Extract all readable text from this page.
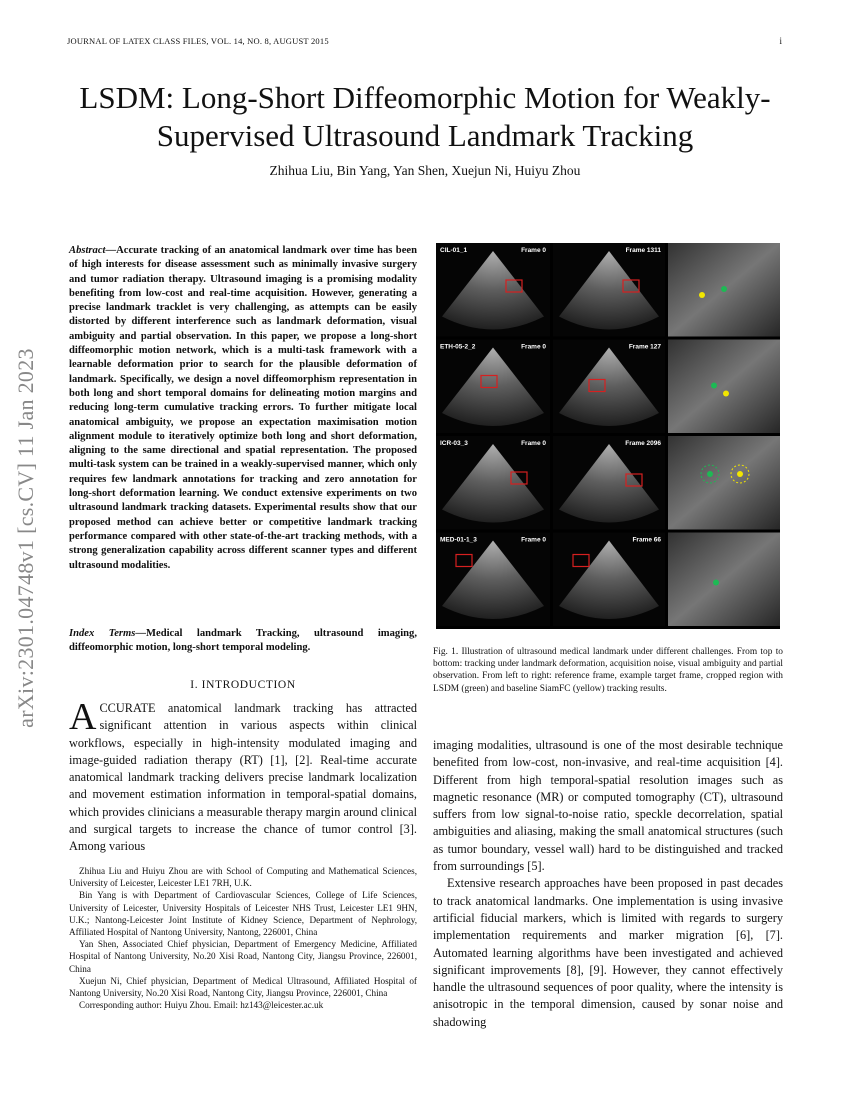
JOURNAL OF LATEX CLASS FILES, VOL. 14, NO. 8, AUGUST 2015	i
LSDM: Long-Short Diffeomorphic Motion for Weakly-Supervised Ultrasound Landmark Tracking
Zhihua Liu, Bin Yang, Yan Shen, Xuejun Ni, Huiyu Zhou
arXiv:2301.04748v1 [cs.CV] 11 Jan 2023
Abstract—Accurate tracking of an anatomical landmark over time has been of high interests for disease assessment such as minimally invasive surgery and tumor radiation therapy. Ultrasound imaging is a promising modality benefiting from low-cost and real-time acquisition. However, generating a precise landmark tracklet is very challenging, as attempts can be easily distorted by different interference such as landmark deformation, visual ambiguity and partial observation. In this paper, we propose a long-short diffeomorphic motion network, which is a multi-task framework with a learnable deformation prior to search for the plausible deformation of landmark. Specifically, we design a novel diffeomorphism representation in both long and short temporal domains for delineating motion margins and reducing long-term cumulative tracking errors. To further mitigate local anatomical ambiguity, we propose an expectation maximisation motion alignment module to iteratively optimize both long and short deformation, aligning to the same directional and spatial representation. The proposed multi-task system can be trained in a weakly-supervised manner, which only requires few landmark annotations for tracking and zero annotation for long-short deformation learning. We conduct extensive experiments on two ultrasound landmark tracking datasets. Experimental results show that our proposed method can achieve better or competitive landmark tracking performance compared with other state-of-the-art tracking methods, with a strong generalization capability across different scanner types and different ultrasound modalities.
Index Terms—Medical landmark Tracking, ultrasound imaging, diffeomorphic motion, long-short temporal modeling.
I. INTRODUCTION
ACCURATE anatomical landmark tracking has attracted significant attention in various aspects within clinical workflows, especially in high-intensity modulated imaging and image-guided radiation therapy (RT) [1], [2]. Real-time accurate anatomical landmark tracking delivers precise landmark localization and movement estimation information in temporal-spatial domains, which provides clinicians a measurable therapy margin around clinical and surgical targets to increase the chance of tumor control [3]. Among various

Zhihua Liu and Huiyu Zhou are with School of Computing and Mathematical Sciences, University of Leicester, Leicester LE1 7RH, U.K.

Bin Yang is with Department of Cardiovascular Sciences, College of Life Sciences, University of Leicester, University Hospitals of Leicester NHS Trust, Leicester LE1 9HN, U.K.; Nantong-Leicester Joint Institute of Kidney Science, Department of Nephrology, Affiliated Hospital of Nantong University, Nantong, 226001, China

Yan Shen, Associated Chief physician, Department of Emergency Medicine, Affiliated Hospital of Nantong University, No.20 Xisi Road, Nantong City, Jiangsu Province, 226001, China

Xuejun Ni, Chief physician, Department of Medical Ultrasound, Affiliated Hospital of Nantong University, No.20 Xisi Road, Nantong City, Jiangsu Province, 226001, China

Corresponding author: Huiyu Zhou. Email: hz143@leicester.ac.uk

Frame 0
CIL-01_1	Frame 1311
Frame 0
ETH-05-2_2	Frame 127
Frame 0
ICR-03_3	Frame 2096
Frame 0
MED-01-1_3	Frame 66
Fig. 1. Illustration of ultrasound medical landmark under different challenges. From top to bottom: tracking under landmark deformation, acquisition noise, visual ambiguity and partial observation. From left to right: reference frame, example target frame, cropped region with LSDM (green) and baseline SiamFC (yellow) tracking results.

imaging modalities, ultrasound is one of the most desirable technique benefited from low-cost, non-invasive, and real-time acquisition [4]. Different from high temporal-spatial resolution images such as magnetic resonance (MR) or computed tomography (CT), ultrasound suffers from low signal-to-noise ratio, speckle decorrelation, spatial ambiguities and aliasing, making the small anatomical structures (such as tumor boundary, vessel wall) hard to be distinguished and tracked from surroundings [5].

Extensive research approaches have been proposed in past decades to track anatomical landmarks. One implementation is using invasive artificial fiducial markers, which is limited with regards to surgery implementation requirements and marker migration [6], [7]. Automated learning algorithms have been investigated and achieved significant improvements [8], [9]. However, they cannot effectively handle the ultrasound sequences of poor quality, where the intensity is anisotropic in the temporal dimension, caused by sonar noise and shadowing
